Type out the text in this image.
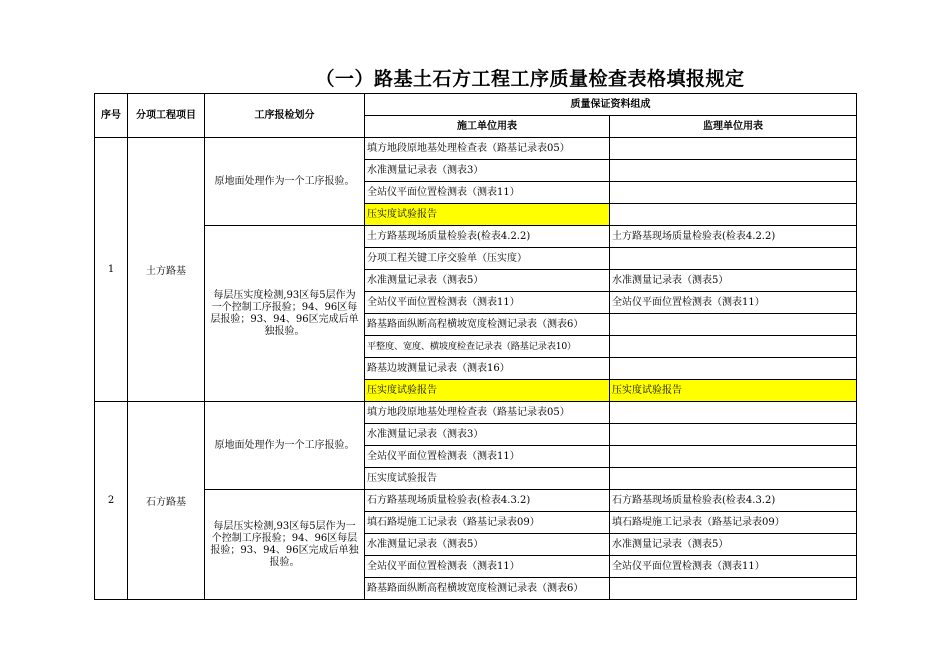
（一）路基土石方工程工序质量检查表格填报规定
序号	分项工程项目	工序报检划分	质量保证资料组成	
			施工单位用表	监理单位用表
1	土方路基	原地面处理作为一个工序报验。	填方地段原地基处理检查表（路基记录表05）	
			水准测量记录表（测表3）	
			全站仪平面位置检测表（测表11）	
			压实度试验报告	
		每层压实度检测,93区每5层作为一个控制工序报验；94、96区每层报验；93、94、96区完成后单独报验。	土方路基现场质量检验表(检表4.2.2)	土方路基现场质量检验表(检表4.2.2)
			分项工程关键工序交验单（压实度）	
			水准测量记录表（测表5）	水准测量记录表（测表5）
			全站仪平面位置检测表（测表11）	全站仪平面位置检测表（测表11）
			路基路面纵断高程横坡宽度检测记录表（测表6）	
			平整度、宽度、横坡度检查记录表（路基记录表10）	
			路基边坡测量记录表（测表16）	
			压实度试验报告	压实度试验报告
2	石方路基	原地面处理作为一个工序报验。	填方地段原地基处理检查表（路基记录表05）	
			水准测量记录表（测表3）	
			全站仪平面位置检测表（测表11）	
			压实度试验报告	
		每层压实检测,93区每5层作为一个控制工序报验；94、96区每层报验；93、94、96区完成后单独报验。	石方路基现场质量检验表(检表4.3.2)	石方路基现场质量检验表(检表4.3.2)
			填石路堤施工记录表（路基记录表09）	填石路堤施工记录表（路基记录表09）
			水准测量记录表（测表5）	水准测量记录表（测表5）
			全站仪平面位置检测表（测表11）	全站仪平面位置检测表（测表11）
			路基路面纵断高程横坡宽度检测记录表（测表6）	
